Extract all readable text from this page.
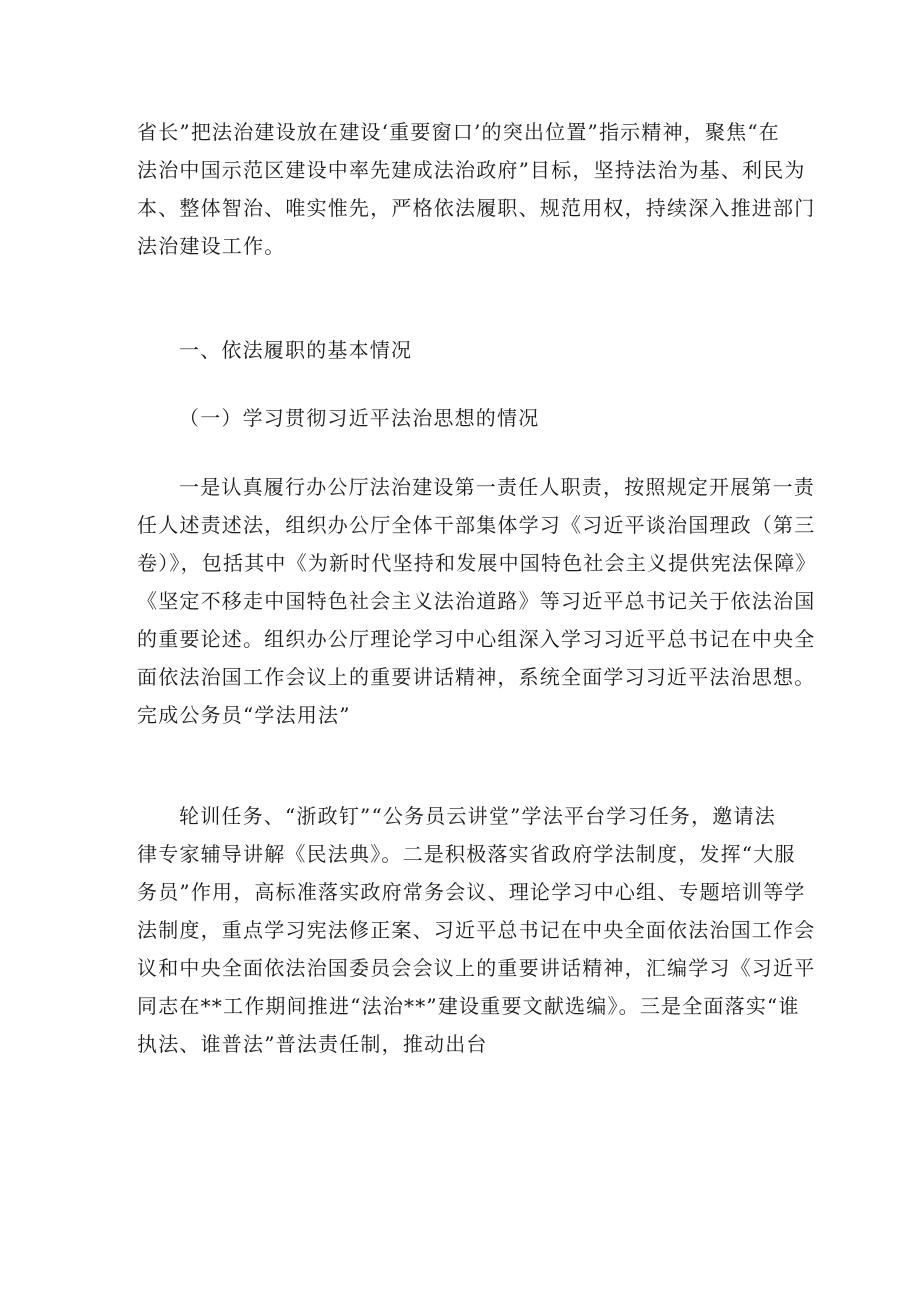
省长”把法治建设放在建设‘重要窗口’的突出位置”指示精神，聚焦“在
法治中国示范区建设中率先建成法治政府”目标，坚持法治为基、利民为
本、整体智治、唯实惟先，严格依法履职、规范用权，持续深入推进部门
法治建设工作。
一、依法履职的基本情况
（一）学习贯彻习近平法治思想的情况
一是认真履行办公厅法治建设第一责任人职责，按照规定开展第一责
任人述责述法，组织办公厅全体干部集体学习《习近平谈治国理政（第三
卷）》，包括其中《为新时代坚持和发展中国特色社会主义提供宪法保障》
《坚定不移走中国特色社会主义法治道路》等习近平总书记关于依法治国
的重要论述。组织办公厅理论学习中心组深入学习习近平总书记在中央全
面依法治国工作会议上的重要讲话精神，系统全面学习习近平法治思想。
完成公务员“学法用法”
轮训任务、“浙政钉”“公务员云讲堂”学法平台学习任务，邀请法
律专家辅导讲解《民法典》。二是积极落实省政府学法制度，发挥“大服
务员”作用，高标准落实政府常务会议、理论学习中心组、专题培训等学
法制度，重点学习宪法修正案、习近平总书记在中央全面依法治国工作会
议和中央全面依法治国委员会会议上的重要讲话精神，汇编学习《习近平
同志在**工作期间推进“法治**”建设重要文献选编》。三是全面落实“谁
执法、谁普法”普法责任制，推动出台
